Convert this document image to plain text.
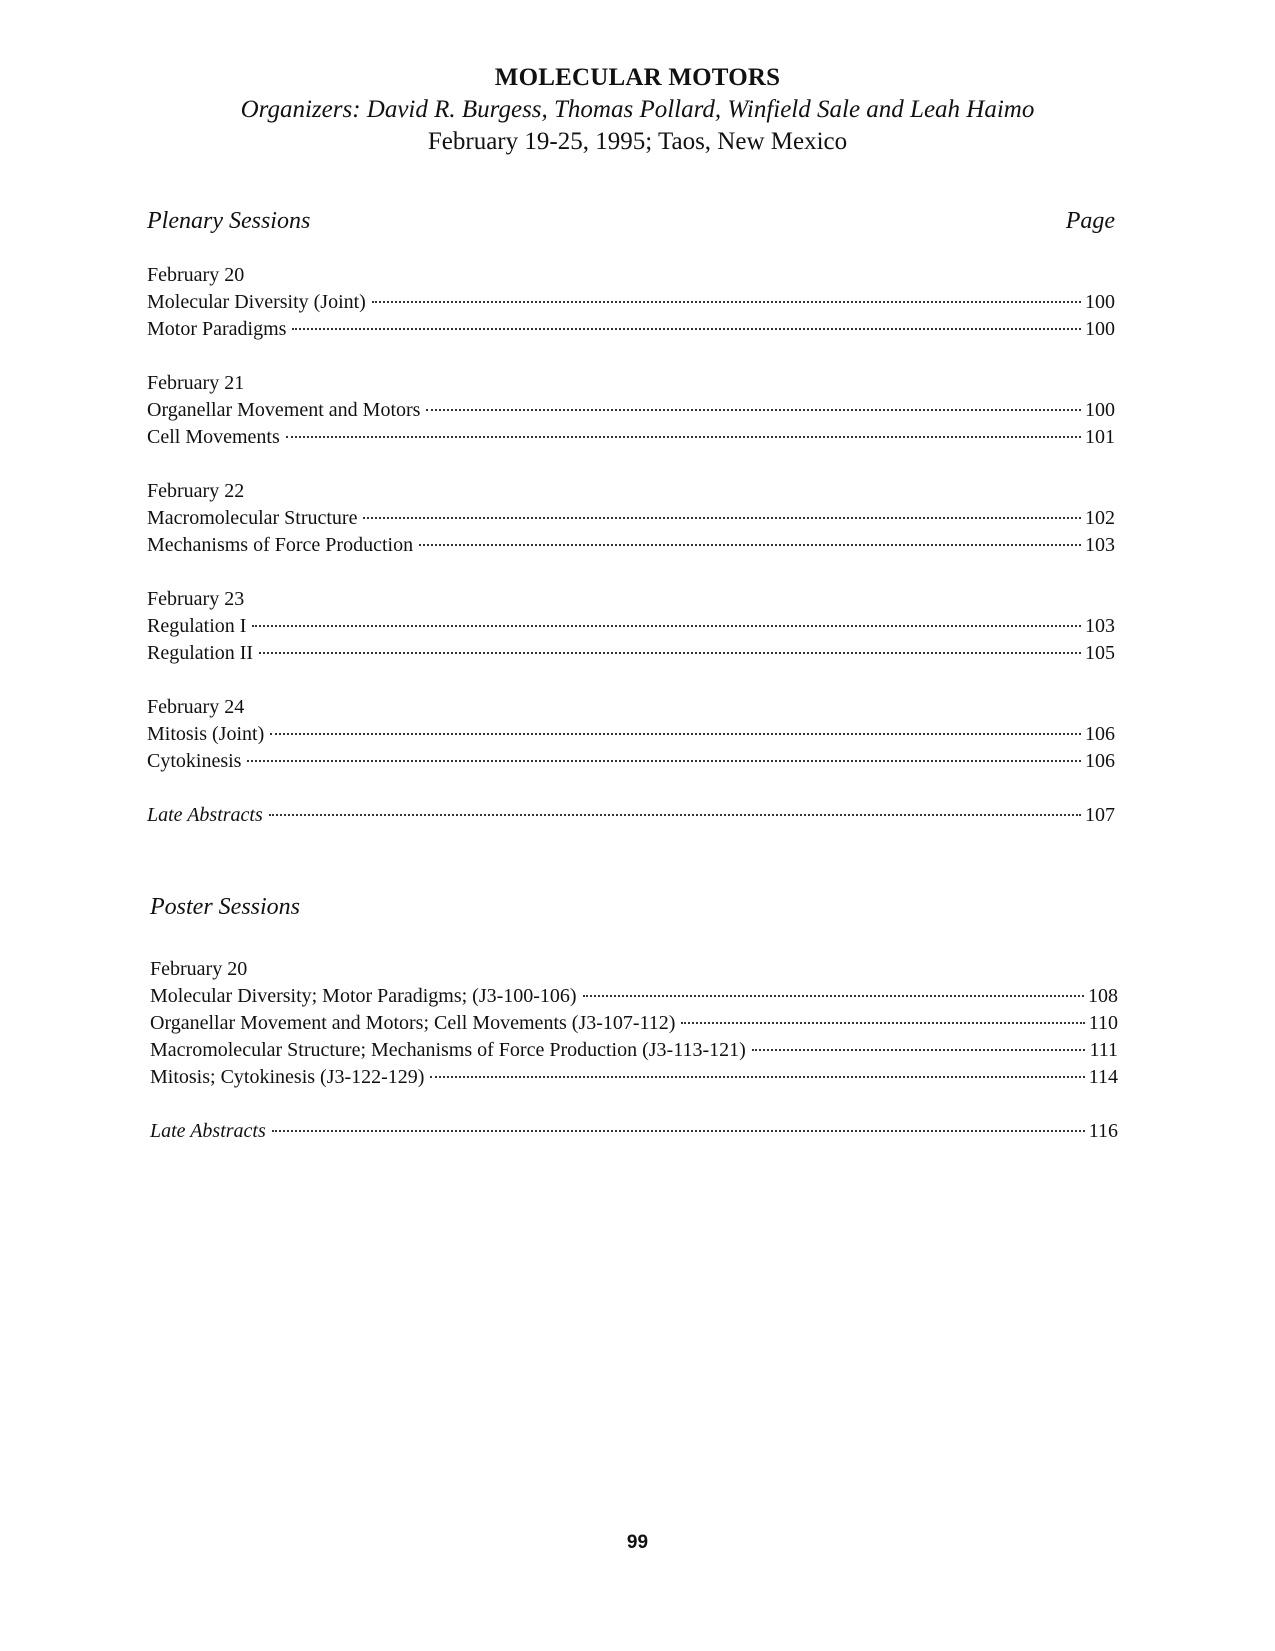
MOLECULAR MOTORS
Organizers: David R. Burgess, Thomas Pollard, Winfield Sale and Leah Haimo
February 19-25, 1995; Taos, New Mexico
Plenary Sessions	Page
February 20
Molecular Diversity (Joint)	100
Motor Paradigms	100
February 21
Organellar Movement and Motors	100
Cell Movements	101
February 22
Macromolecular Structure	102
Mechanisms of Force Production	103
February 23
Regulation I	103
Regulation II	105
February 24
Mitosis (Joint)	106
Cytokinesis	106
Late Abstracts	107
Poster Sessions
February 20
Molecular Diversity; Motor Paradigms; (J3-100-106)	108
Organellar Movement and Motors; Cell Movements (J3-107-112)	110
Macromolecular Structure; Mechanisms of Force Production (J3-113-121)	111
Mitosis; Cytokinesis (J3-122-129)	114
Late Abstracts	116
99
